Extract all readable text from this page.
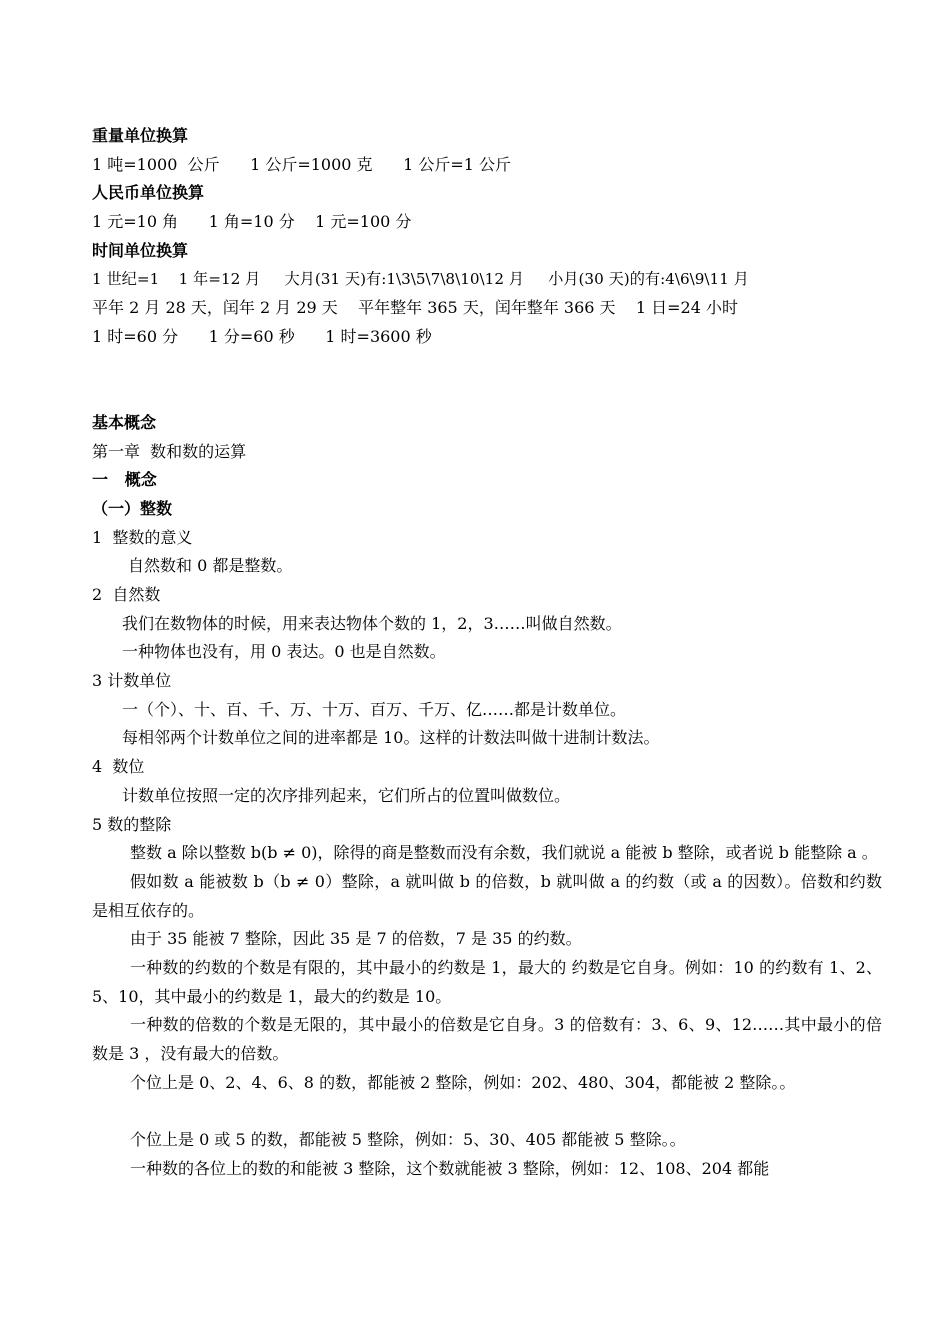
重量单位换算
1 吨=1000  公斤      1 公斤=1000 克      1 公斤=1 公斤
人民币单位换算
1 元=10 角      1 角=10 分    1 元=100 分
时间单位换算
1 世纪=1    1 年=12 月     大月(31 天)有:1\3\5\7\8\10\12 月     小月(30 天)的有:4\6\9\11 月
平年 2 月 28 天，闰年 2 月 29 天    平年整年 365 天，闰年整年 366 天    1 日=24 小时
1 时=60 分      1 分=60 秒      1 时=3600 秒
基本概念
第一章  数和数的运算
一   概念
（一）整数
1  整数的意义
自然数和 0 都是整数。
2  自然数
我们在数物体的时候，用来表达物体个数的 1，2，3……叫做自然数。
一种物体也没有，用 0 表达。0 也是自然数。
3 计数单位
一（个）、十、百、千、万、十万、百万、千万、亿……都是计数单位。
每相邻两个计数单位之间的进率都是 10。这样的计数法叫做十进制计数法。
4  数位
计数单位按照一定的次序排列起来，它们所占的位置叫做数位。
5 数的整除
整数 a 除以整数 b(b ≠ 0)，除得的商是整数而没有余数，我们就说 a 能被 b 整除，或者说 b 能整除 a 。
假如数 a 能被数 b（b ≠ 0）整除，a 就叫做 b 的倍数，b 就叫做 a 的约数（或 a 的因数）。倍数和约数是相互依存的。
由于 35 能被 7 整除，因此 35 是 7 的倍数，7 是 35 的约数。
一种数的约数的个数是有限的，其中最小的约数是 1，最大的 约数是它自身。例如：10 的约数有 1、2、5、10，其中最小的约数是 1，最大的约数是 10。
一种数的倍数的个数是无限的，其中最小的倍数是它自身。3 的倍数有：3、6、9、12……其中最小的倍数是 3 ，没有最大的倍数。
个位上是 0、2、4、6、8 的数，都能被 2 整除，例如：202、480、304，都能被 2 整除。。
个位上是 0 或 5 的数，都能被 5 整除，例如：5、30、405 都能被 5 整除。。
一种数的各位上的数的和能被 3 整除，这个数就能被 3 整除，例如：12、108、204 都能
